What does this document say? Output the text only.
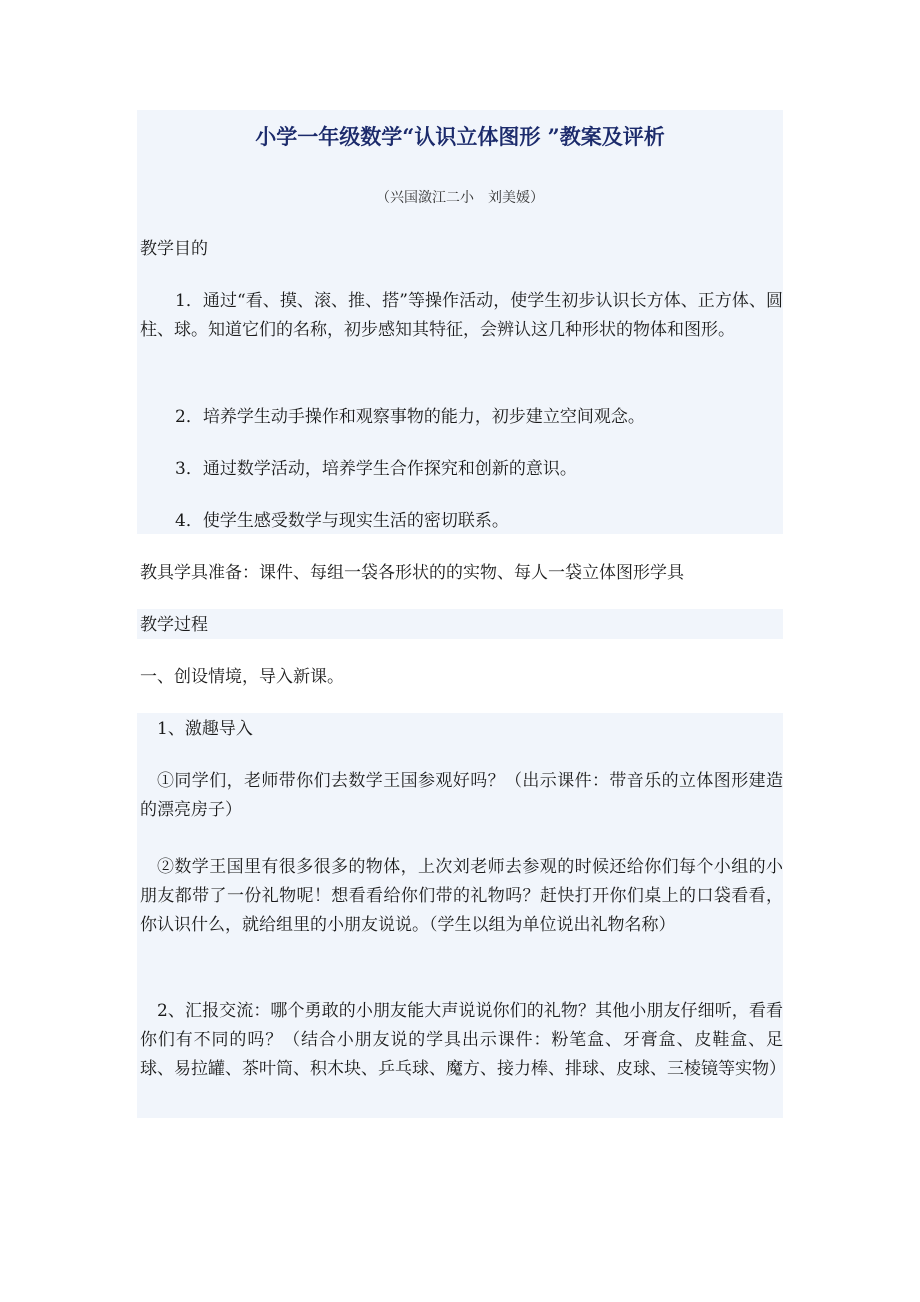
小学一年级数学“认识立体图形 ”教案及评析

（兴国潋江二小　刘美媛）

教学目的

1．通过“看、摸、滚、推、搭”等操作活动，使学生初步认识长方体、正方体、圆柱、球。知道它们的名称，初步感知其特征，会辨认这几种形状的物体和图形。

2．培养学生动手操作和观察事物的能力，初步建立空间观念。

3．通过数学活动，培养学生合作探究和创新的意识。

4．使学生感受数学与现实生活的密切联系。

教具学具准备：课件、每组一袋各形状的的实物、每人一袋立体图形学具

教学过程

一、创设情境，导入新课。

1、激趣导入

①同学们，老师带你们去数学王国参观好吗？（出示课件：带音乐的立体图形建造的漂亮房子）

②数学王国里有很多很多的物体，上次刘老师去参观的时候还给你们每个小组的小朋友都带了一份礼物呢！想看看给你们带的礼物吗？赶快打开你们桌上的口袋看看，你认识什么，就给组里的小朋友说说。（学生以组为单位说出礼物名称）

2、汇报交流：哪个勇敢的小朋友能大声说说你们的礼物？其他小朋友仔细听，看看你们有不同的吗？（结合小朋友说的学具出示课件：粉笔盒、牙膏盒、皮鞋盒、足球、易拉罐、茶叶筒、积木块、乒乓球、魔方、接力棒、排球、皮球、三棱镜等实物）
